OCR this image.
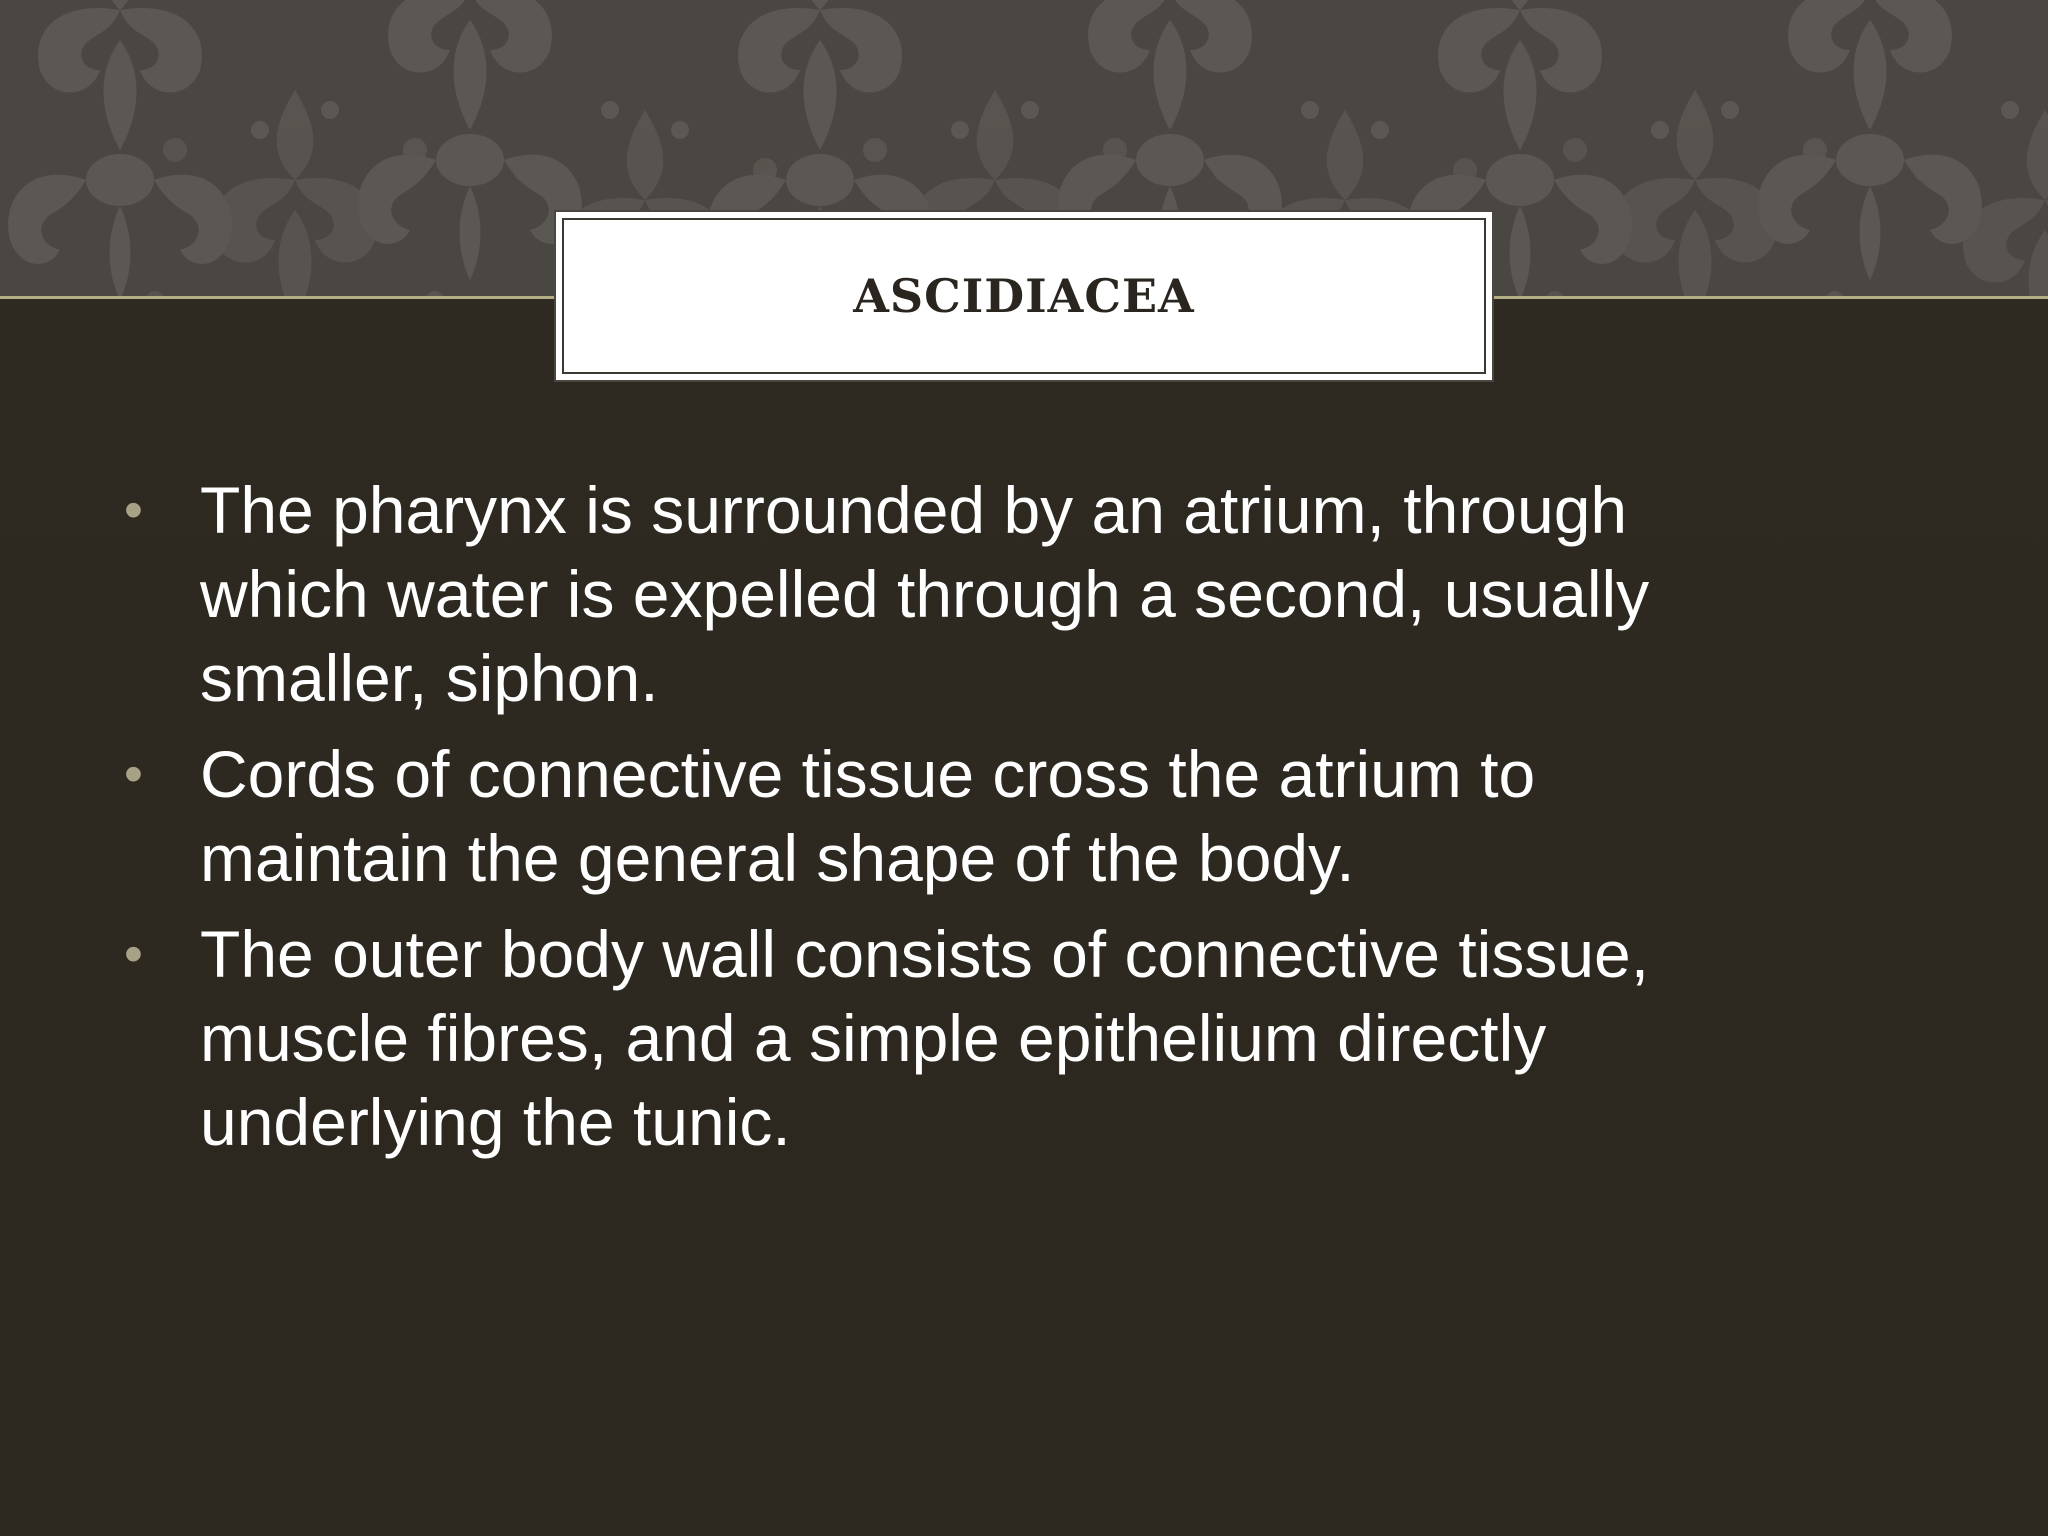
ASCIDIACEA
• The pharynx is surrounded by an atrium, through which water is expelled through a second, usually smaller, siphon.
• Cords of connective tissue cross the atrium to maintain the general shape of the body.
• The outer body wall consists of connective tissue, muscle fibres, and a simple epithelium directly underlying the tunic.
